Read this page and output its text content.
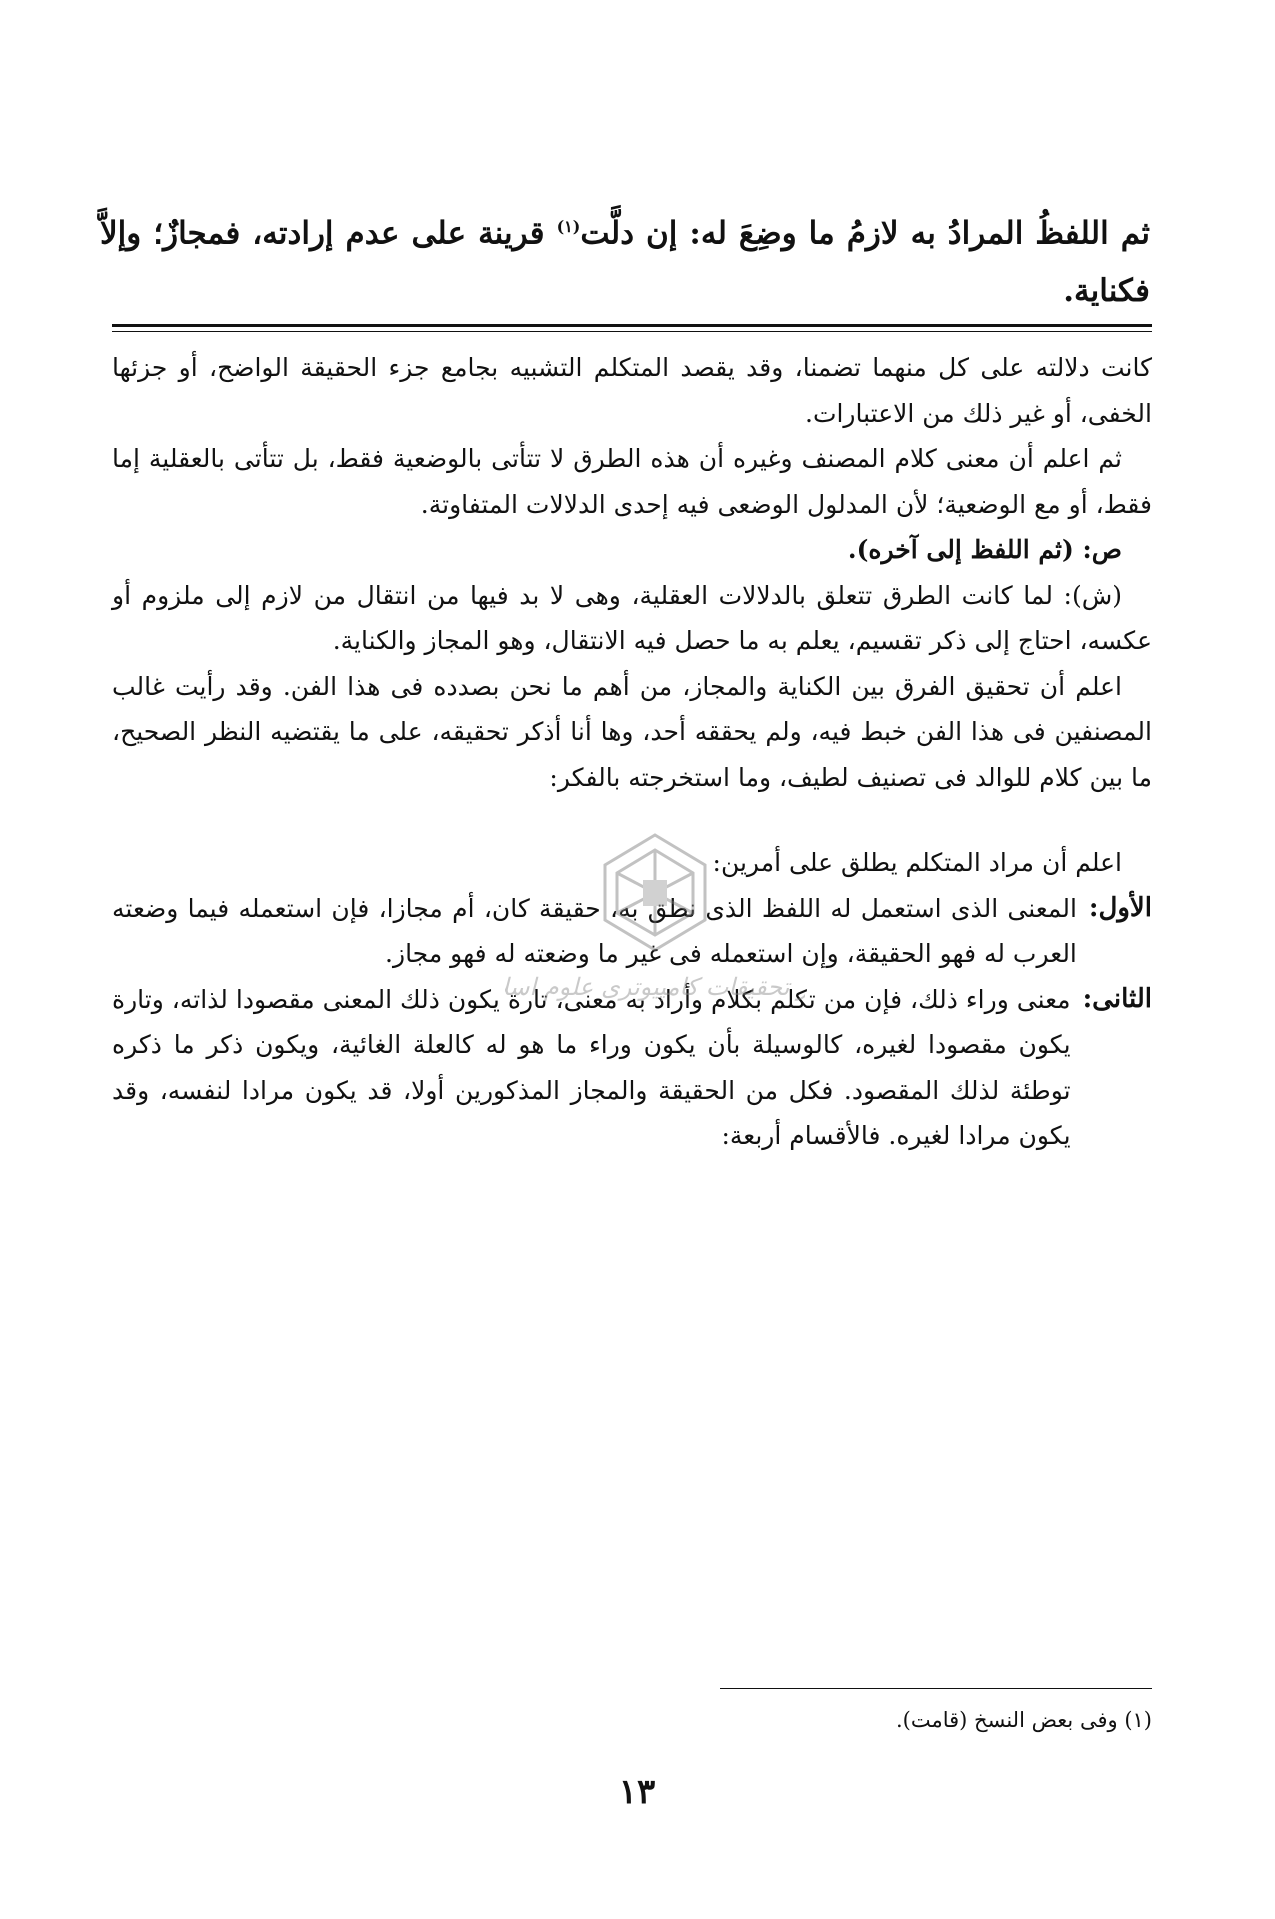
ثم اللفظُ المرادُ به لازمُ ما وضِعَ له: إن دلَّت$^{(١)}$ قرينة على عدم إرادته، فمجازٌ؛ وإلاَّ فكناية.

كانت دلالته على كل منهما تضمنا، وقد يقصد المتكلم التشبيه بجامع جزء الحقيقة الواضح، أو جزئها الخفى، أو غير ذلك من الاعتبارات.

ثم اعلم أن معنى كلام المصنف وغيره أن هذه الطرق لا تتأتى بالوضعية فقط، بل تتأتى بالعقلية إما فقط، أو مع الوضعية؛ لأن المدلول الوضعى فيه إحدى الدلالات المتفاوتة.

ص: (ثم اللفظ إلى آخره).

(ش): لما كانت الطرق تتعلق بالدلالات العقلية، وهى لا بد فيها من انتقال من لازم إلى ملزوم أو عكسه، احتاج إلى ذكر تقسيم، يعلم به ما حصل فيه الانتقال، وهو المجاز والكناية.

اعلم أن تحقيق الفرق بين الكناية والمجاز، من أهم ما نحن بصدده فى هذا الفن. وقد رأيت غالب المصنفين فى هذا الفن خبط فيه، ولم يحققه أحد، وها أنا أذكر تحقيقه، على ما يقتضيه النظر الصحيح، ما بين كلام للوالد فى تصنيف لطيف، وما استخرجته بالفكر:

اعلم أن مراد المتكلم يطلق على أمرين:

الأول:
المعنى الذى استعمل له اللفظ الذى نطق به، حقيقة كان، أم مجازا، فإن استعمله فيما وضعته العرب له فهو الحقيقة، وإن استعمله فى غير ما وضعته له فهو مجاز.
الثانى:
معنى وراء ذلك، فإن من تكلم بكلام وأراد به معنى، تارة يكون ذلك المعنى مقصودا لذاته، وتارة يكون مقصودا لغيره، كالوسيلة بأن يكون وراء ما هو له كالعلة الغائية، ويكون ذكر ما ذكره توطئة لذلك المقصود. فكل من الحقيقة والمجاز المذكورين أولا، قد يكون مرادا لنفسه، وقد يكون مرادا لغيره. فالأقسام أربعة:
تحقیقات کامپیوتری علوم اسل
(١) وفى بعض النسخ (قامت).
١٣
